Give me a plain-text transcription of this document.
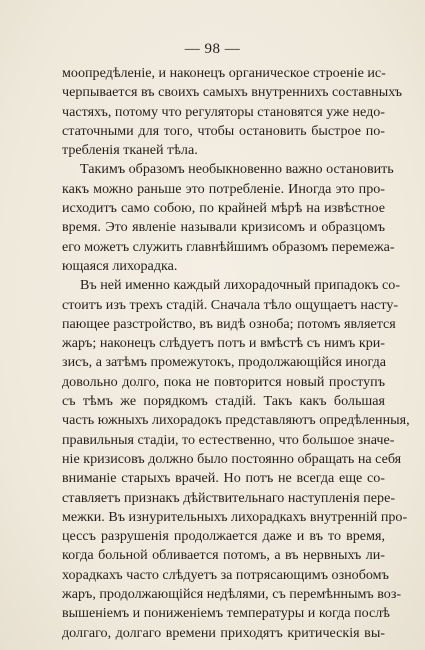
— 98 —
моопредѣленіе, и наконецъ органическое строеніе ис-
черпывается въ своихъ самыхъ внутреннихъ составныхъ
частяхъ, потому что регуляторы становятся уже недо-
статочными для того, чтобы остановить быстрое по-
требленія тканей тѣла.
Такимъ образомъ необыкновенно важно остановить
какъ можно раньше это потребленіе. Иногда это про-
исходитъ само собою, по крайней мѣрѣ на извѣстное
время. Это явленіе называли кризисомъ и образцомъ
его можетъ служить главнѣйшимъ образомъ перемежа-
ющаяся лихорадка.
Въ ней именно каждый лихорадочный припадокъ со-
стоитъ изъ трехъ стадій. Сначала тѣло ощущаетъ насту-
пающее разстройство, въ видѣ озноба; потомъ является
жаръ; наконецъ слѣдуетъ потъ и вмѣстѣ съ нимъ кри-
зисъ, а затѣмъ промежутокъ, продолжающійся иногда
довольно долго, пока не повторится новый проступъ
съ тѣмъ же порядкомъ стадій. Такъ какъ большая
часть южныхъ лихорадокъ представляютъ опредѣленныя,
правильныя стадіи, то естественно, что большое значе-
ніе кризисовъ должно было постоянно обращать на себя
вниманіе старыхъ врачей. Но потъ не всегда еще со-
ставляетъ признакъ дѣйствительнаго наступленія пере-
межки. Въ изнурительныхъ лихорадкахъ внутренній про-
цессъ разрушенія продолжается даже и въ то время,
когда больной обливается потомъ, а въ нервныхъ ли-
хорадкахъ часто слѣдуетъ за потрясающимъ ознобомъ
жаръ, продолжающійся недѣлями, съ перемѣннымъ воз-
вышеніемъ и пониженіемъ температуры и когда послѣ
долгаго, долгаго времени приходятъ критическія вы-
